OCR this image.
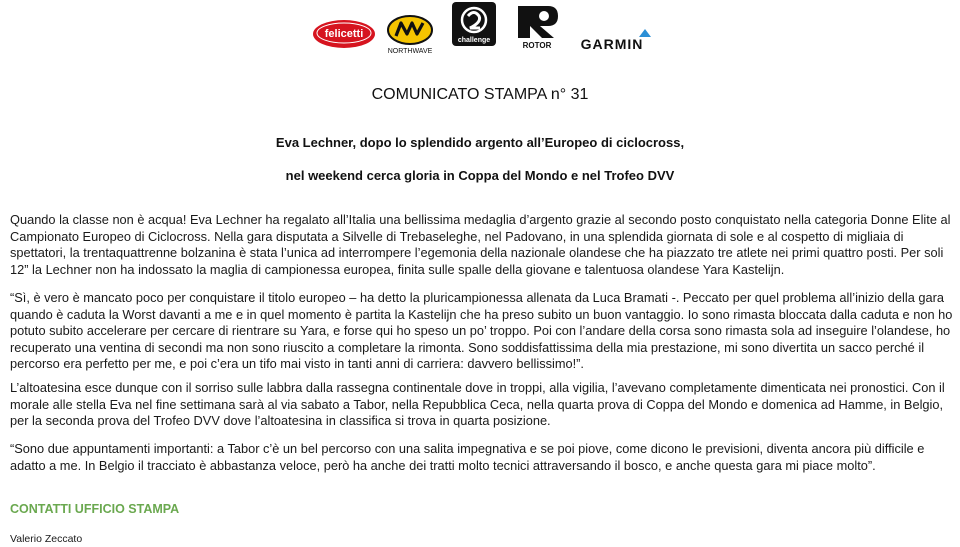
felicetti
NORTHWAVE
challenge
ROTOR GARMIN
COMUNICATO STAMPA n° 31
Eva Lechner, dopo lo splendido argento all’Europeo di ciclocross,
nel weekend cerca gloria in Coppa del Mondo e nel Trofeo DVV

Quando la classe non è acqua! Eva Lechner ha regalato all’Italia una bellissima medaglia d’argento grazie al secondo posto conquistato nella categoria Donne Elite al Campionato Europeo di Ciclocross. Nella gara disputata a Silvelle di Trebaseleghe, nel Padovano, in una splendida giornata di sole e al cospetto di migliaia di spettatori, la trentaquattrenne bolzanina è stata l’unica ad interrompere l’egemonia della nazionale olandese che ha piazzato tre atlete nei primi quattro posti. Per soli 12” la Lechner non ha indossato la maglia di campionessa europea, finita sulle spalle della giovane e talentuosa olandese Yara Kastelijn.

“Sì, è vero è mancato poco per conquistare il titolo europeo – ha detto la pluricampionessa allenata da Luca Bramati -. Peccato per quel problema all’inizio della gara quando è caduta la Worst davanti a me e in quel momento è partita la Kastelijn che ha preso subito un buon vantaggio. Io sono rimasta bloccata dalla caduta e non ho potuto subito accelerare per cercare di rientrare su Yara, e forse qui ho speso un po’ troppo. Poi con l’andare della corsa sono rimasta sola ad inseguire l’olandese, ho recuperato una ventina di secondi ma non sono riuscito a completare la rimonta. Sono soddisfattissima della mia prestazione, mi sono divertita un sacco perché il percorso era perfetto per me, e poi c’era un tifo mai visto in tanti anni di carriera: davvero bellissimo!”.

L’altoatesina esce dunque con il sorriso sulle labbra dalla rassegna continentale dove in troppi, alla vigilia, l’avevano completamente dimenticata nei pronostici. Con il morale alle stella Eva nel fine settimana sarà al via sabato a Tabor, nella Repubblica Ceca, nella quarta prova di Coppa del Mondo e domenica ad Hamme, in Belgio, per la seconda prova del Trofeo DVV dove l’altoatesina in classifica si trova in quarta posizione.

“Sono due appuntamenti importanti: a Tabor c’è un bel percorso con una salita impegnativa e se poi piove, come dicono le previsioni, diventa ancora più difficile e adatto a me. In Belgio il tracciato è abbastanza veloce, però ha anche dei tratti molto tecnici attraversando il bosco, e anche questa gara mi piace molto”.

CONTATTI UFFICIO STAMPA
Valerio Zeccato
